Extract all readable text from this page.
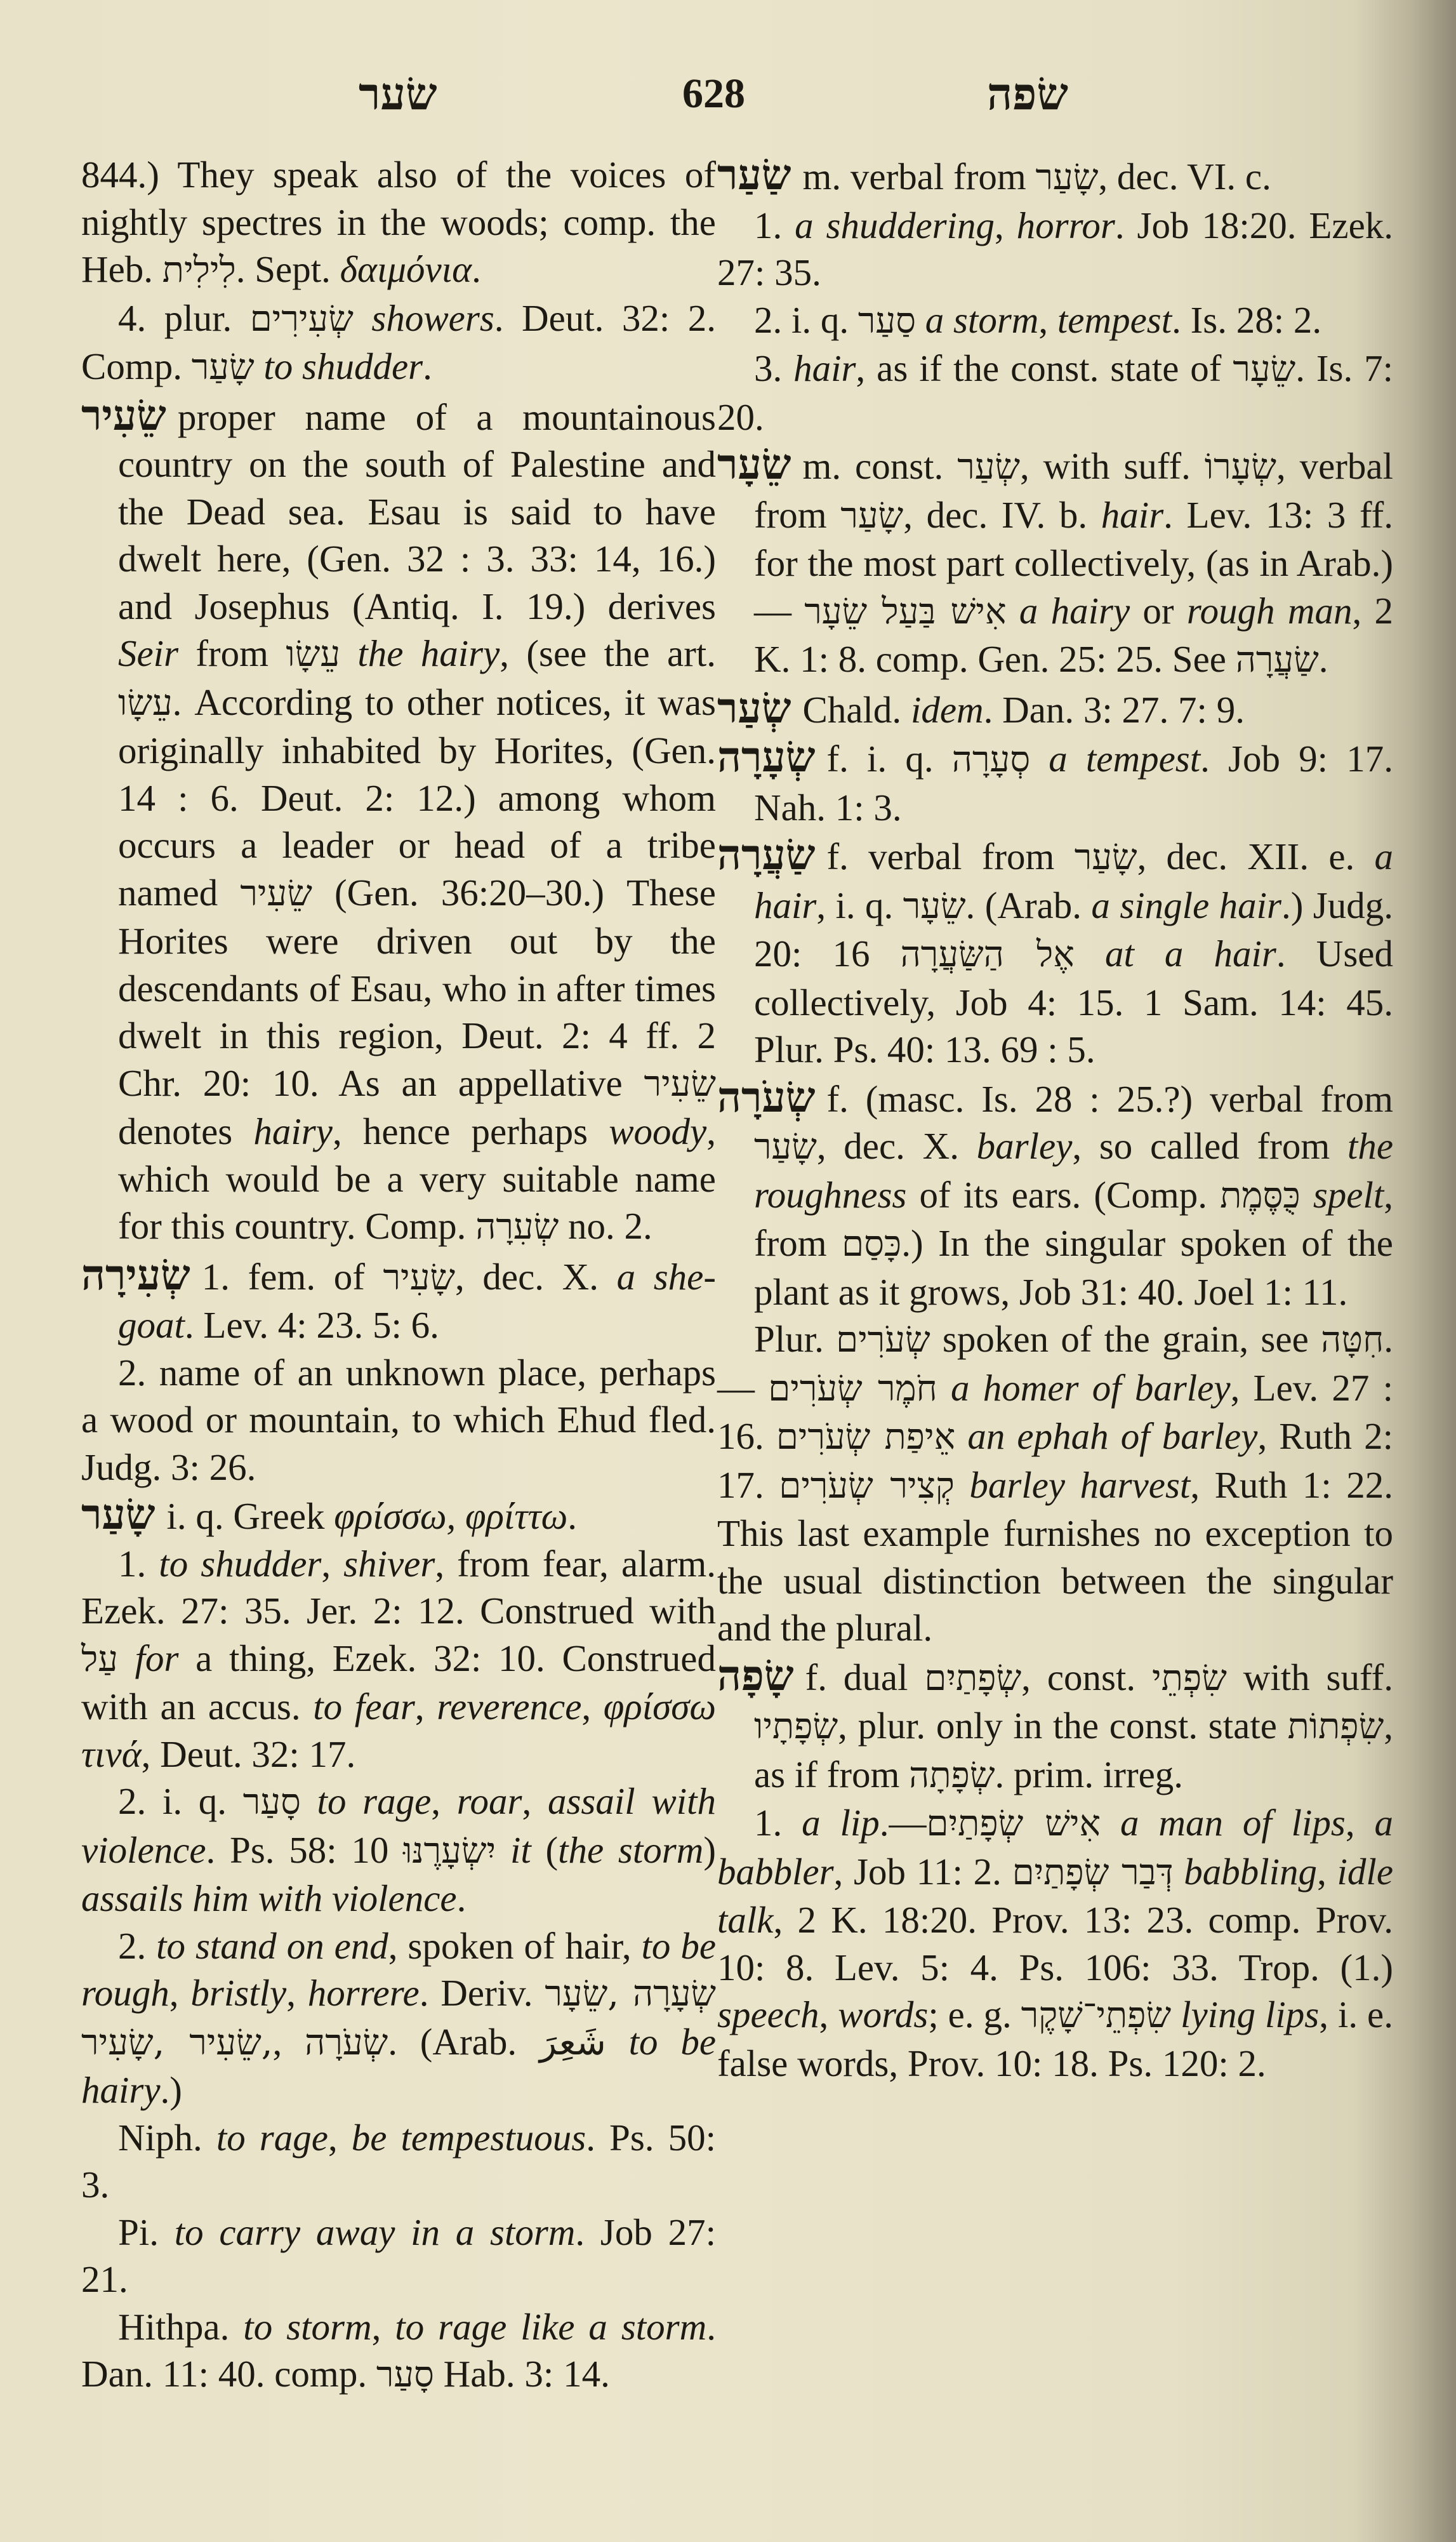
שׂער	628	שׂפה

844.) They speak also of the voices of nightly spectres in the woods; comp. the Heb. לִילִית. Sept. δαιμόνια.

4. plur. שְׂעִירִים showers. Deut. 32: 2. Comp. שָׂעַר to shudder.

שֵׂעִיר proper name of a mountainous country on the south of Palestine and the Dead sea. Esau is said to have dwelt here, (Gen. 32 : 3. 33: 14, 16.) and Josephus (Antiq. I. 19.) derives Seir from עֵשָׂו the hairy, (see the art. עֵשָׂו. According to other notices, it was originally inhabited by Horites, (Gen. 14 : 6. Deut. 2: 12.) among whom occurs a leader or head of a tribe named שֵׂעִיר (Gen. 36:20–30.) These Horites were driven out by the descendants of Esau, who in after times dwelt in this region, Deut. 2: 4 ff. 2 Chr. 20: 10. As an appellative שֵׂעִיר denotes hairy, hence perhaps woody, which would be a very suitable name for this country. Comp. שְׂעִרָה no. 2.

שְׂעִירָה 1. fem. of שָׂעִיר, dec. X. a she-goat. Lev. 4: 23. 5: 6.

2. name of an unknown place, perhaps a wood or mountain, to which Ehud fled. Judg. 3: 26.

שָׂעַר i. q. Greek φρίσσω, φρίττω.

1. to shudder, shiver, from fear, alarm. Ezek. 27: 35. Jer. 2: 12. Construed with עַל for a thing, Ezek. 32: 10. Construed with an accus. to fear, reverence, φρίσσω τινά, Deut. 32: 17.

2. i. q. סָעַר to rage, roar, assail with violence. Ps. 58: 10 יִשְׂעָרֶנּוּ it (the storm) assails him with violence.

2. to stand on end, spoken of hair, to be rough, bristly, horrere. Deriv. שְׂעָרָה ,שֵׂעָר ,שֵׂעִיר ,שָׂעִיר, שְׂעֹרָה. (Arab. شَعِرَ to be hairy.)

Niph. to rage, be tempestuous. Ps. 50: 3.

Pi. to carry away in a storm. Job 27: 21.

Hithpa. to storm, to rage like a storm. Dan. 11: 40. comp. סָעַר Hab. 3: 14.

שַׂעַר m. verbal from שָׂעַר, dec. VI. c.

1. a shuddering, horror. Job 18:20. Ezek. 27: 35.

2. i. q. סַעַר a storm, tempest. Is. 28: 2.

3. hair, as if the const. state of שֵׂעָר. Is. 7: 20.

שֵׂעָר m. const. שְׂעַר, with suff. שְׂעָרוֹ, verbal from שָׂעַר, dec. IV. b. hair. Lev. 13: 3 ff. for the most part collectively, (as in Arab.) — אִישׁ בַּעַל שֵׂעָר a hairy or rough man, 2 K. 1: 8. comp. Gen. 25: 25. See שַׂעֲרָה.

שְׂעַר Chald. idem. Dan. 3: 27. 7: 9.

שְׂעָרָה f. i. q. סְעָרָה a tempest. Job 9: 17. Nah. 1: 3.

שַׂעֲרָה f. verbal from שָׂעַר, dec. XII. e. a hair, i. q. שֵׂעָר. (Arab. a single hair.) Judg. 20: 16 אֶל הַשַּׂעֲרָה at a hair. Used collectively, Job 4: 15. 1 Sam. 14: 45. Plur. Ps. 40: 13. 69 : 5.

שְׂעֹרָה f. (masc. Is. 28 : 25.?) verbal from שָׂעַר, dec. X. barley, so called from the roughness of its ears. (Comp. כֻּסֶּמֶת spelt, from כָּסַם.) In the singular spoken of the plant as it grows, Job 31: 40. Joel 1: 11.

Plur. שְׂעֹרִים spoken of the grain, see חִטָּה. — חֹמֶר שְׂעֹרִים a homer of barley, Lev. 27 : 16. אֵיפַת שְׂעֹרִים an ephah of barley, Ruth 2: 17. קְצִיר שְׂעֹרִים barley harvest, Ruth 1: 22. This last example furnishes no exception to the usual distinction between the singular and the plural.

שָׂפָה f. dual שְׂפָתַיִם, const. שִׂפְתֵי with suff. שְׂפָתָיו, plur. only in the const. state שִׂפְתוֹת, as if from שְׂפָתָה. prim. irreg.

1. a lip.—אִישׁ שְׂפָתַיִם a man of lips, a babbler, Job 11: 2. דְּבַר שְׂפָתַיִם babbling, idle talk, 2 K. 18:20. Prov. 13: 23. comp. Prov. 10: 8. Lev. 5: 4. Ps. 106: 33. Trop. (1.) speech, words; e. g. שִׂפְתֵי־שָׁקֶר lying lips, i. e. false words, Prov. 10: 18. Ps. 120: 2.
